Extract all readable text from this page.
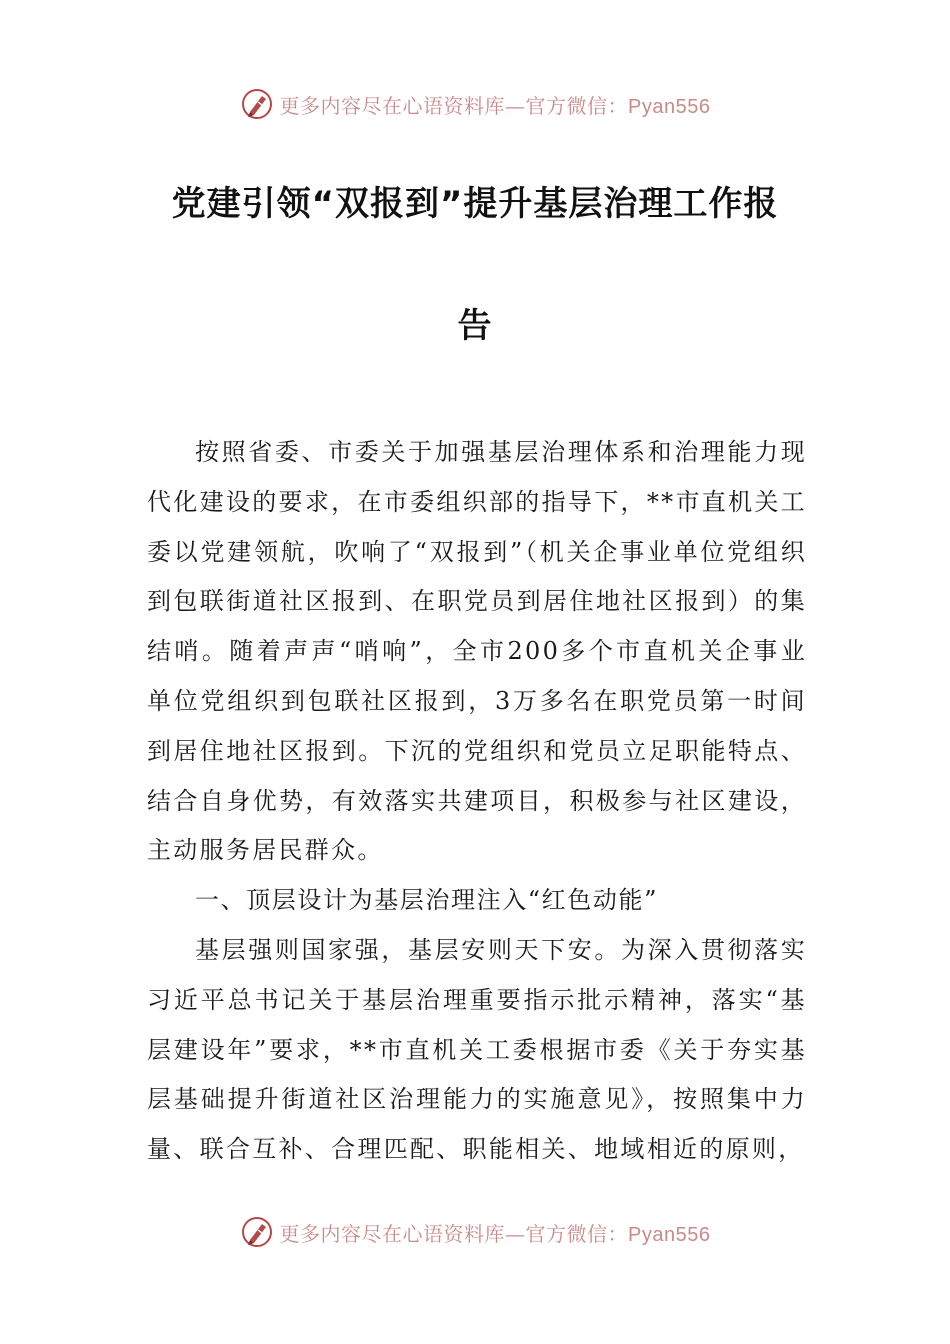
更多内容尽在心语资料库—官方微信：Pyan556
党建引领“双报到”提升基层治理工作报
告

按照省委、市委关于加强基层治理体系和治理能力现代化建设的要求，在市委组织部的指导下，**市直机关工委以党建领航，吹响了“双报到”（机关企事业单位党组织到包联街道社区报到、在职党员到居住地社区报到）的集结哨。随着声声“哨响”，全市200多个市直机关企事业单位党组织到包联社区报到，3万多名在职党员第一时间到居住地社区报到。下沉的党组织和党员立足职能特点、结合自身优势，有效落实共建项目，积极参与社区建设，主动服务居民群众。

一、顶层设计为基层治理注入“红色动能”

基层强则国家强，基层安则天下安。为深入贯彻落实习近平总书记关于基层治理重要指示批示精神，落实“基层建设年”要求，**市直机关工委根据市委《关于夯实基层基础提升街道社区治理能力的实施意见》，按照集中力量、联合互补、合理匹配、职能相关、地域相近的原则，

更多内容尽在心语资料库—官方微信：Pyan556
